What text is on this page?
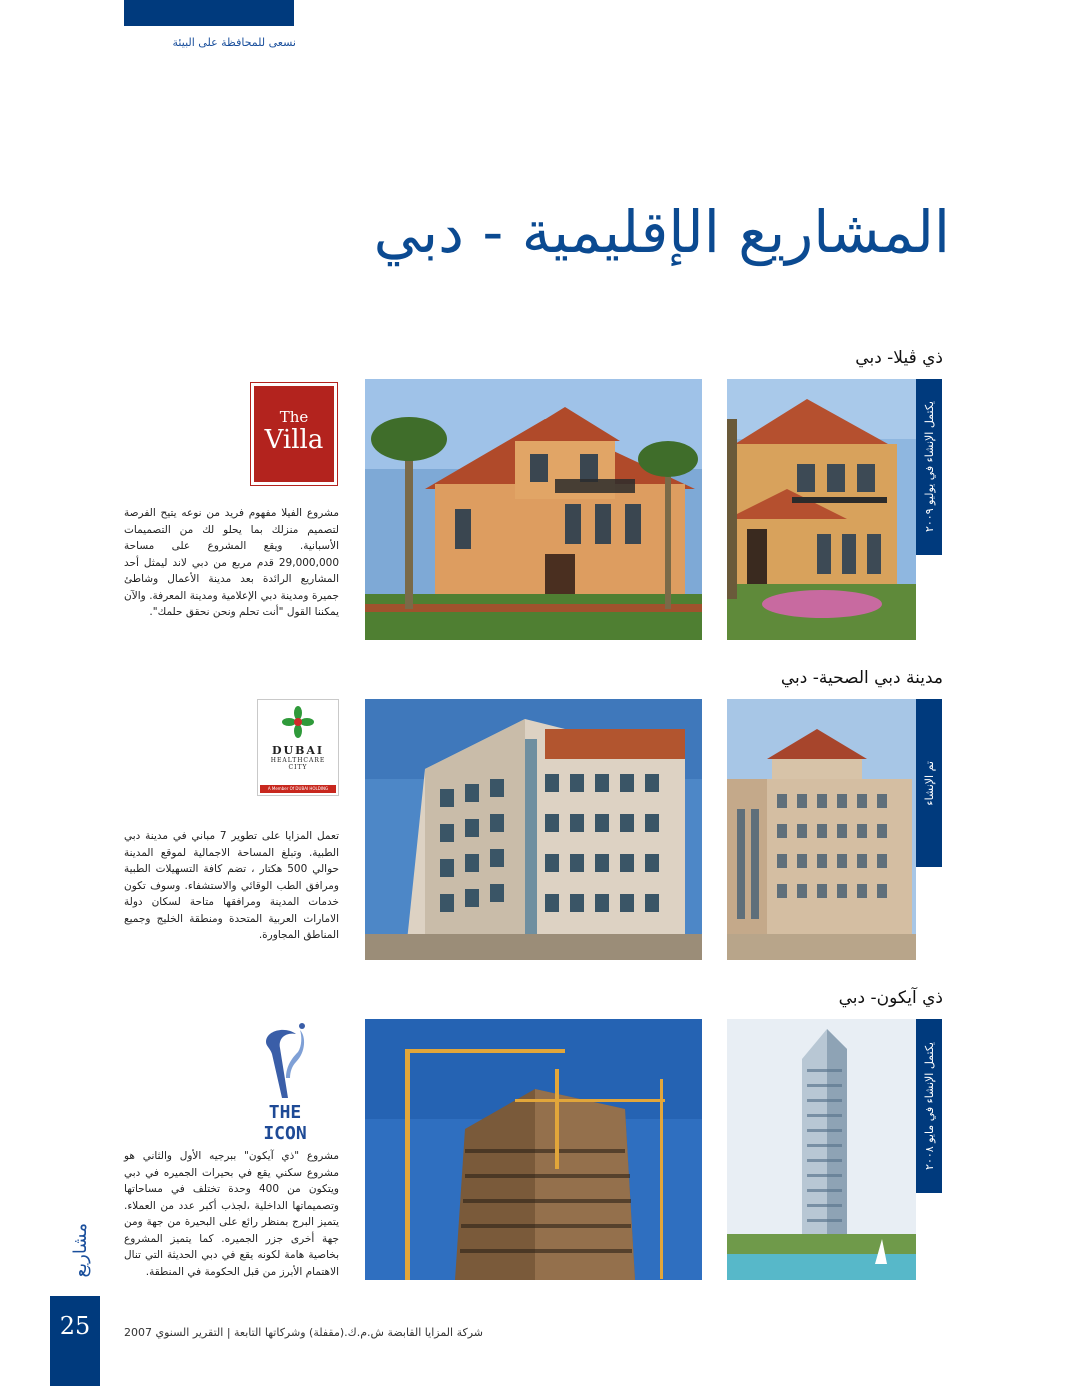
نسعى للمحافظة على البيئة
المشاريع الإقليمية - دبي
ذي ڤيلا- دبي
يكتمل الإنشاء في يوليو ٢٠٠٩
The
Villa
مشروع الفيلا مفهوم فريد من نوعه يتيح الفرصة لتصميم منزلك بما يحلو لك من التصميمات الأسبانية. ويقع المشروع على مساحة 29,000,000 قدم مربع من دبي لاند ليمثل أحد المشاريع الرائدة بعد مدينة الأعمال وشاطئ جميرة ومدينة دبي الإعلامية ومدينة المعرفة. والآن يمكننا القول "أنت تحلم ونحن نحقق حلمك".
مدينة دبي الصحية- دبي
تم الإنشاء
DUBAI
HEALTHCARE
CITY
A Member Of DUBAI HOLDING
تعمل المزايا على تطوير 7 مباني في مدينة دبي الطبية. وتبلغ المساحة الاجمالية لموقع المدينة حوالي 500 هكتار ، تضم كافة التسهيلات الطبية ومرافق الطب الوقائي والاستشفاء. وسوف تكون خدمات المدينة ومرافقها متاحة لسكان دولة الامارات العربية المتحدة ومنطقة الخليج وجميع المناطق المجاورة.
ذي آيكون- دبي
يكتمل الإنشاء في مايو ٢٠٠٨
THE ICON
مشروع "ذي آيكون" ببرجيه الأول والثاني هو مشروع سكني يقع في بحيرات الجميره في دبي ويتكون من 400 وحدة تختلف في مساحاتها وتصميماتها الداخلية ،لجذب أكبر عدد من العملاء. يتميز البرج بمنظر رائع على البحيرة من جهة ومن جهة أخرى جزر الجميره. كما يتميز المشروع بخاصية هامة لكونه يقع في دبي الحديثة التي تنال الاهتمام الأبرز من قبل الحكومة في المنطقة.
مشاريع
25	شركة المزايا القابضة ش.م.ك.(مقفلة) وشركاتها التابعة | التقرير السنوي 2007
